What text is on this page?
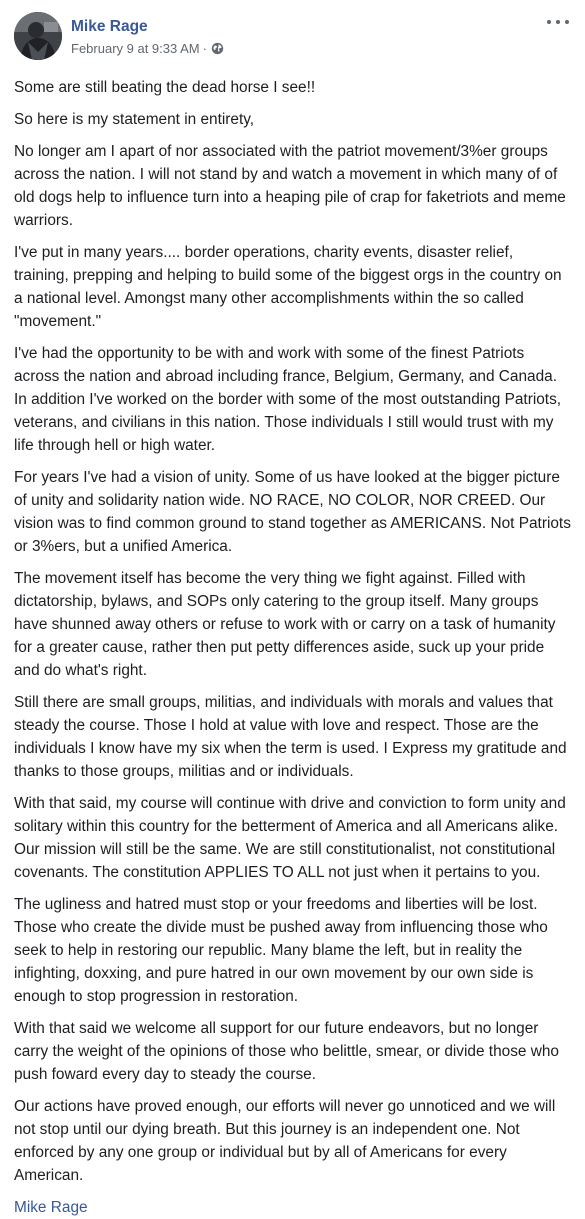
Mike Rage
February 9 at 9:33 AM ·

Some are still beating the dead horse I see!!

So here is my statement in entirety,

No longer am I apart of nor associated with the patriot movement/3%er groups across the nation. I will not stand by and watch a movement in which many of of old dogs help to influence turn into a heaping pile of crap for faketriots and meme warriors.

I've put in many years.... border operations, charity events, disaster relief, training, prepping and helping to build some of the biggest orgs in the country on a national level. Amongst many other accomplishments within the so called "movement."

I've had the opportunity to be with and work with some of the finest Patriots across the nation and abroad including france, Belgium, Germany, and Canada. In addition I've worked on the border with some of the most outstanding Patriots, veterans, and civilians in this nation. Those individuals I still would trust with my life through hell or high water.

For years I've had a vision of unity. Some of us have looked at the bigger picture of unity and solidarity nation wide. NO RACE, NO COLOR, NOR CREED. Our vision was to find common ground to stand together as AMERICANS. Not Patriots or 3%ers, but a unified America.

The movement itself has become the very thing we fight against. Filled with dictatorship, bylaws, and SOPs only catering to the group itself. Many groups have shunned away others or refuse to work with or carry on a task of humanity for a greater cause, rather then put petty differences aside, suck up your pride and do what's right.

Still there are small groups, militias, and individuals with morals and values that steady the course. Those I hold at value with love and respect. Those are the individuals I know have my six when the term is used. I Express my gratitude and thanks to those groups, militias and or individuals.

With that said, my course will continue with drive and conviction to form unity and solitary within this country for the betterment of America and all Americans alike. Our mission will still be the same. We are still constitutionalist, not constitutional covenants. The constitution APPLIES TO ALL not just when it pertains to you.

The ugliness and hatred must stop or your freedoms and liberties will be lost. Those who create the divide must be pushed away from influencing those who seek to help in restoring our republic. Many blame the left, but in reality the infighting, doxxing, and pure hatred in our own movement by our own side is enough to stop progression in restoration.

With that said we welcome all support for our future endeavors, but no longer carry the weight of the opinions of those who belittle, smear, or divide those who push foward every day to steady the course.

Our actions have proved enough, our efforts will never go unnoticed and we will not stop until our dying breath. But this journey is an independent one. Not enforced by any one group or individual but by all of Americans for every American.

Mike Rage
